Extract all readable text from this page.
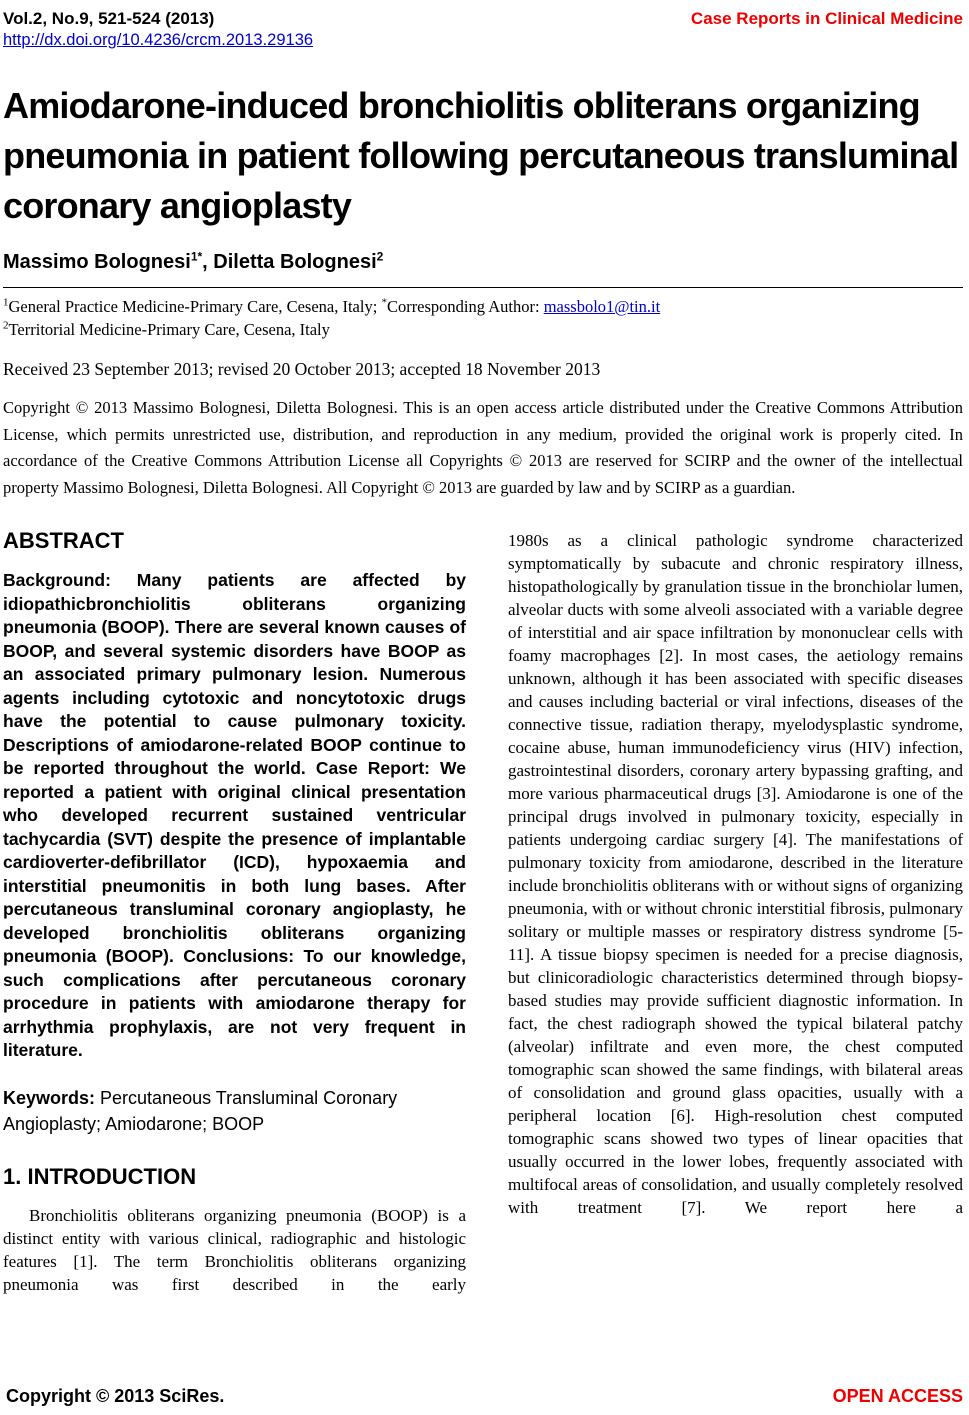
Vol.2, No.9, 521-524 (2013)	Case Reports in Clinical Medicine
http://dx.doi.org/10.4236/crcm.2013.29136
Amiodarone-induced bronchiolitis obliterans organizing pneumonia in patient following percutaneous transluminal coronary angioplasty
Massimo Bolognesi$^{1*}$, Diletta Bolognesi$^2$
$^1$General Practice Medicine-Primary Care, Cesena, Italy; *Corresponding Author: massbolo1@tin.it
$^2$Territorial Medicine-Primary Care, Cesena, Italy
Received 23 September 2013; revised 20 October 2013; accepted 18 November 2013

Copyright © 2013 Massimo Bolognesi, Diletta Bolognesi. This is an open access article distributed under the Creative Commons Attribution License, which permits unrestricted use, distribution, and reproduction in any medium, provided the original work is properly cited. In accordance of the Creative Commons Attribution License all Copyrights © 2013 are reserved for SCIRP and the owner of the intellectual property Massimo Bolognesi, Diletta Bolognesi. All Copyright © 2013 are guarded by law and by SCIRP as a guardian.

ABSTRACT

Background: Many patients are affected by idiopathicbronchiolitis obliterans organizing pneumonia (BOOP). There are several known causes of BOOP, and several systemic disorders have BOOP as an associated primary pulmonary lesion. Numerous agents including cytotoxic and noncytotoxic drugs have the potential to cause pulmonary toxicity. Descriptions of amiodarone-related BOOP continue to be reported throughout the world. Case Report: We reported a patient with original clinical presentation who developed recurrent sustained ventricular tachycardia (SVT) despite the presence of implantable cardioverter-defibrillator (ICD), hypoxaemia and interstitial pneumonitis in both lung bases. After percutaneous transluminal coronary angioplasty, he developed bronchiolitis obliterans organizing pneumonia (BOOP). Conclusions: To our knowledge, such complications after percutaneous coronary procedure in patients with amiodarone therapy for arrhythmia prophylaxis, are not very frequent in literature.

Keywords: Percutaneous Transluminal Coronary Angioplasty; Amiodarone; BOOP

1. INTRODUCTION

Bronchiolitis obliterans organizing pneumonia (BOOP) is a distinct entity with various clinical, radiographic and histologic features [1]. The term Bronchiolitis obliterans organizing pneumonia was first described in the early

1980s as a clinical pathologic syndrome characterized symptomatically by subacute and chronic respiratory illness, histopathologically by granulation tissue in the bronchiolar lumen, alveolar ducts with some alveoli associated with a variable degree of interstitial and air space infiltration by mononuclear cells with foamy macrophages [2]. In most cases, the aetiology remains unknown, although it has been associated with specific diseases and causes including bacterial or viral infections, diseases of the connective tissue, radiation therapy, myelodysplastic syndrome, cocaine abuse, human immunodeficiency virus (HIV) infection, gastrointestinal disorders, coronary artery bypassing grafting, and more various pharmaceutical drugs [3]. Amiodarone is one of the principal drugs involved in pulmonary toxicity, especially in patients undergoing cardiac surgery [4]. The manifestations of pulmonary toxicity from amiodarone, described in the literature include bronchiolitis obliterans with or without signs of organizing pneumonia, with or without chronic interstitial fibrosis, pulmonary solitary or multiple masses or respiratory distress syndrome [5-11]. A tissue biopsy specimen is needed for a precise diagnosis, but clinicoradiologic characteristics determined through biopsy-based studies may provide sufficient diagnostic information. In fact, the chest radiograph showed the typical bilateral patchy (alveolar) infiltrate and even more, the chest computed tomographic scan showed the same findings, with bilateral areas of consolidation and ground glass opacities, usually with a peripheral location [6]. High-resolution chest computed tomographic scans showed two types of linear opacities that usually occurred in the lower lobes, frequently associated with multifocal areas of consolidation, and usually completely resolved with treatment [7]. We report here a

Copyright © 2013 SciRes.	OPEN ACCESS
